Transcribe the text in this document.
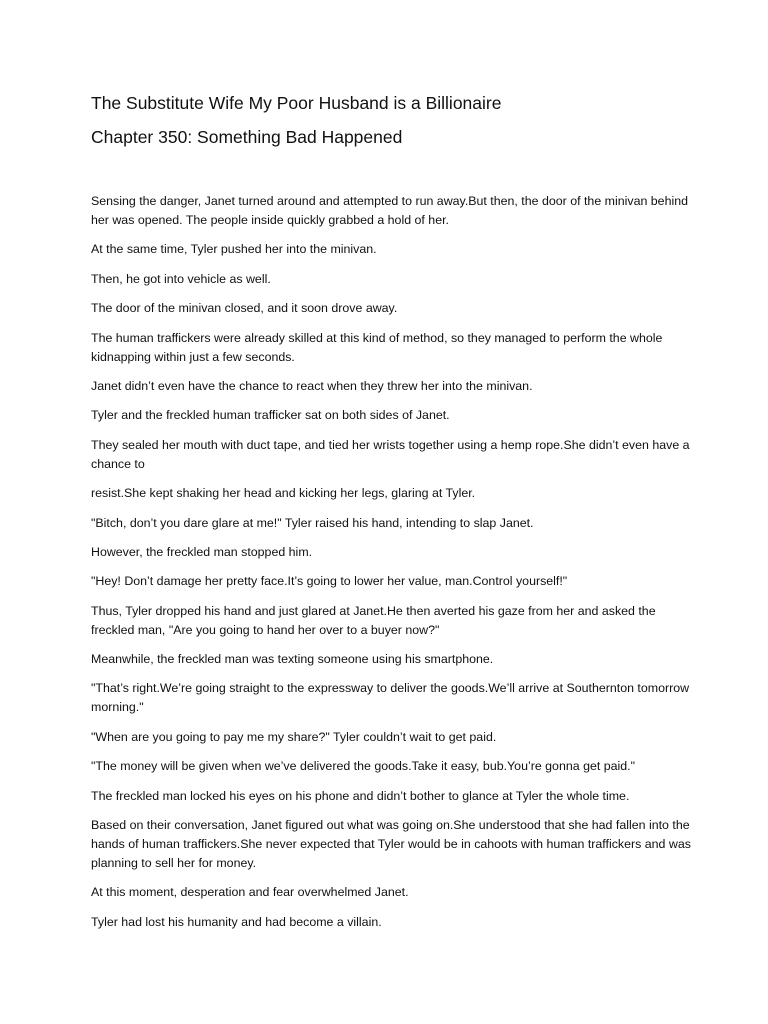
The Substitute Wife My Poor Husband is a Billionaire
Chapter 350: Something Bad Happened

Sensing the danger, Janet turned around and attempted to run away.But then, the door of the minivan behind her was opened. The people inside quickly grabbed a hold of her.

At the same time, Tyler pushed her into the minivan.

Then, he got into vehicle as well.

The door of the minivan closed, and it soon drove away.

The human traffickers were already skilled at this kind of method, so they managed to perform the whole kidnapping within just a few seconds.

Janet didn’t even have the chance to react when they threw her into the minivan.

Tyler and the freckled human trafficker sat on both sides of Janet.

They sealed her mouth with duct tape, and tied her wrists together using a hemp rope.She didn’t even have a chance to

resist.She kept shaking her head and kicking her legs, glaring at Tyler.

"Bitch, don’t you dare glare at me!" Tyler raised his hand, intending to slap Janet.

However, the freckled man stopped him.

"Hey! Don’t damage her pretty face.It’s going to lower her value, man.Control yourself!"

Thus, Tyler dropped his hand and just glared at Janet.He then averted his gaze from her and asked the freckled man, "Are you going to hand her over to a buyer now?"

Meanwhile, the freckled man was texting someone using his smartphone.

"That’s right.We’re going straight to the expressway to deliver the goods.We’ll arrive at Southernton tomorrow morning."

"When are you going to pay me my share?" Tyler couldn’t wait to get paid.

"The money will be given when we’ve delivered the goods.Take it easy, bub.You’re gonna get paid."

The freckled man locked his eyes on his phone and didn’t bother to glance at Tyler the whole time.

Based on their conversation, Janet figured out what was going on.She understood that she had fallen into the hands of human traffickers.She never expected that Tyler would be in cahoots with human traffickers and was planning to sell her for money.

At this moment, desperation and fear overwhelmed Janet.

Tyler had lost his humanity and had become a villain.
